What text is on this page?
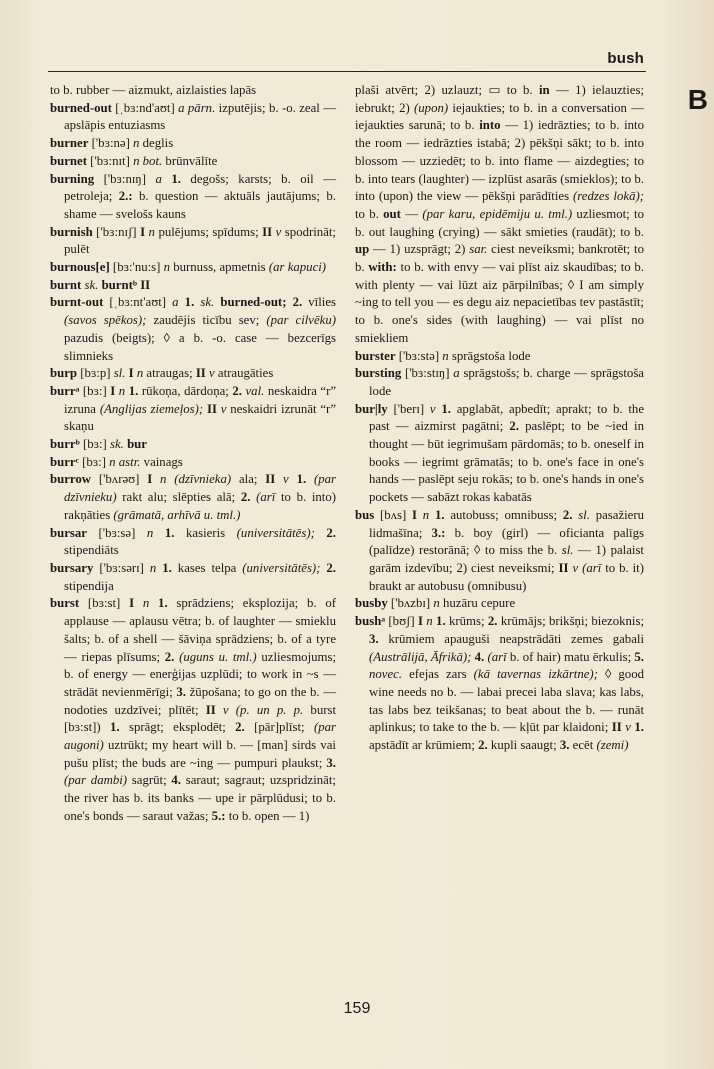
bush
B

to b. rubber — aizmukt, aizlaisties lapās

burned-out [ˌbɜ:nd'aʊt] a pārn. izputējis; b. -o. zeal — apslāpis entuziasms

burner ['bɜ:nə] n deglis

burnet ['bɜ:nɪt] n bot. brūnvālīte

burning ['bɜ:nɪŋ] a 1. degošs; karsts; b. oil — petroleja; 2.: b. question — aktuāls jautājums; b. shame — svelošs kauns

burnish ['bɜ:nɪʃ] I n pulējums; spīdums; II v spodrināt; pulēt

burnous[e] [bɜ:'nu:s] n burnuss, apmetnis (ar kapuci)

burnt sk. burntᵇ II

burnt-out [ˌbɜ:nt'aʊt] a 1. sk. burned-out; 2. vīlies (savos spēkos); zaudējis ticību sev; (par cilvēku) pazudis (beigts); ◊ a b. -o. case — bezcerīgs slimnieks

burp [bɜ:p] sl. I n atraugas; II v atraugāties

burrᵃ [bɜ:] I n 1. rūkoņa, dārdoņa; 2. val. neskaidra “r” izruna (Anglijas ziemeļos); II v neskaidri izrunāt “r” skaņu

burrᵇ [bɜ:] sk. bur

burrᶜ [bɜ:] n astr. vainags

burrow ['bʌrəʊ] I n (dzīvnieka) ala; II v 1. (par dzīvnieku) rakt alu; slēpties alā; 2. (arī to b. into) rakņāties (grāmatā, arhīvā u. tml.)

bursar ['bɜ:sə] n 1. kasieris (universitātēs); 2. stipendiāts

bursary ['bɜ:sərɪ] n 1. kases telpa (universitātēs); 2. stipendija

burst [bɜ:st] I n 1. sprādziens; eksplozija; b. of applause — aplausu vētra; b. of laughter — smieklu šalts; b. of a shell — šāviņa sprādziens; b. of a tyre — riepas plīsums; 2. (uguns u. tml.) uzliesmojums; b. of energy — enerģijas uzplūdi; to work in ~s — strādāt nevienmērīgi; 3. žūpošana; to go on the b. — nodoties uzdzīvei; plītēt; II v (p. un p. p. burst [bɜ:st]) 1. sprāgt; eksplodēt; 2. [pār]plīst; (par augoni) uztrūkt; my heart will b. — [man] sirds vai pušu plīst; the buds are ~ing — pumpuri plaukst; 3. (par dambi) sagrūt; 4. saraut; sagraut; uzspridzināt; the river has b. its banks — upe ir pārplūdusi; to b. one's bonds — saraut važas; 5.: to b. open — 1)

plaši atvērt; 2) uzlauzt; ▭ to b. in — 1) ielauzties; iebrukt; 2) (upon) iejaukties; to b. in a conversation — iejaukties sarunā; to b. into — 1) iedrāzties; to b. into the room — iedrāzties istabā; 2) pēkšņi sākt; to b. into blossom — uzziedēt; to b. into flame — aizdegties; to b. into tears (laughter) — izplūst asarās (smieklos); to b. into (upon) the view — pēkšņi parādīties (redzes lokā); to b. out — (par karu, epidēmiju u. tml.) uzliesmot; to b. out laughing (crying) — sākt smieties (raudāt); to b. up — 1) uzsprāgt; 2) sar. ciest neveiksmi; bankrotēt; to b. with: to b. with envy — vai plīst aiz skaudības; to b. with plenty — vai lūzt aiz pārpilnības; ◊ I am simply ~ing to tell you — es degu aiz nepacietības tev pastāstīt; to b. one's sides (with laughing) — vai plīst no smiekliem

burster ['bɜ:stə] n sprāgstoša lode

bursting ['bɜ:stɪŋ] a sprāgstošs; b. charge — sprāgstoša lode

bur|ly ['berɪ] v 1. apglabāt, apbedīt; aprakt; to b. the past — aizmirst pagātni; 2. paslēpt; to be ~ied in thought — būt iegrimušam pārdomās; to b. oneself in books — iegrimt grāmatās; to b. one's face in one's hands — paslēpt seju rokās; to b. one's hands in one's pockets — sabāzt rokas kabatās

bus [bʌs] I n 1. autobuss; omnibuss; 2. sl. pasažieru lidmašīna; 3.: b. boy (girl) — oficianta palīgs (palīdze) restorānā; ◊ to miss the b. sl. — 1) palaist garām izdevību; 2) ciest neveiksmi; II v (arī to b. it) braukt ar autobusu (omnibusu)

busby ['bʌzbɪ] n huzāru cepure

bushᵃ [bʊʃ] I n 1. krūms; 2. krūmājs; brikšņi; biezoknis; 3. krūmiem apauguši neapstrādāti zemes gabali (Austrālijā, Āfrikā); 4. (arī b. of hair) matu ērkulis; 5. novec. efejas zars (kā tavernas izkārtne); ◊ good wine needs no b. — labai precei laba slava; kas labs, tas labs bez teikšanas; to beat about the b. — runāt aplinkus; to take to the b. — kļūt par klaidoni; II v 1. apstādīt ar krūmiem; 2. kupli saaugt; 3. ecēt (zemi)

159
